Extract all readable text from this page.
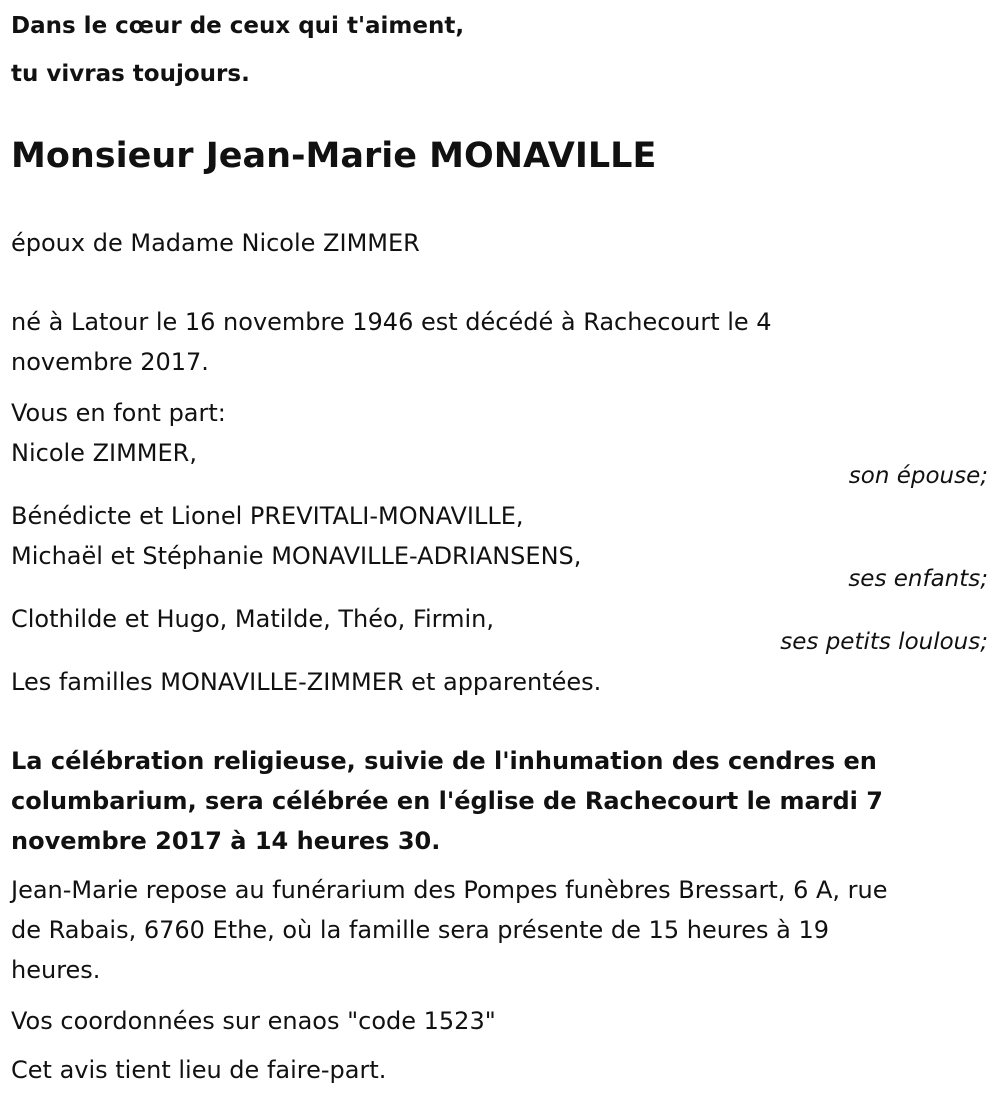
Dans le cœur de ceux qui t'aiment,
tu vivras toujours.
Monsieur Jean-Marie MONAVILLE
époux de Madame Nicole ZIMMER
né à Latour le 16 novembre 1946 est décédé à Rachecourt le 4
novembre 2017.
Vous en font part:
Nicole ZIMMER,
son épouse;
Bénédicte et Lionel PREVITALI-MONAVILLE,
Michaël et Stéphanie MONAVILLE-ADRIANSENS,
ses enfants;
Clothilde et Hugo, Matilde, Théo, Firmin,
ses petits loulous;
Les familles MONAVILLE-ZIMMER et apparentées.
La célébration religieuse, suivie de l'inhumation des cendres en
columbarium, sera célébrée en l'église de Rachecourt le mardi 7
novembre 2017 à 14 heures 30.
Jean-Marie repose au funérarium des Pompes funèbres Bressart, 6 A, rue
de Rabais, 6760 Ethe, où la famille sera présente de 15 heures à 19
heures.
Vos coordonnées sur enaos "code 1523"
Cet avis tient lieu de faire-part.
